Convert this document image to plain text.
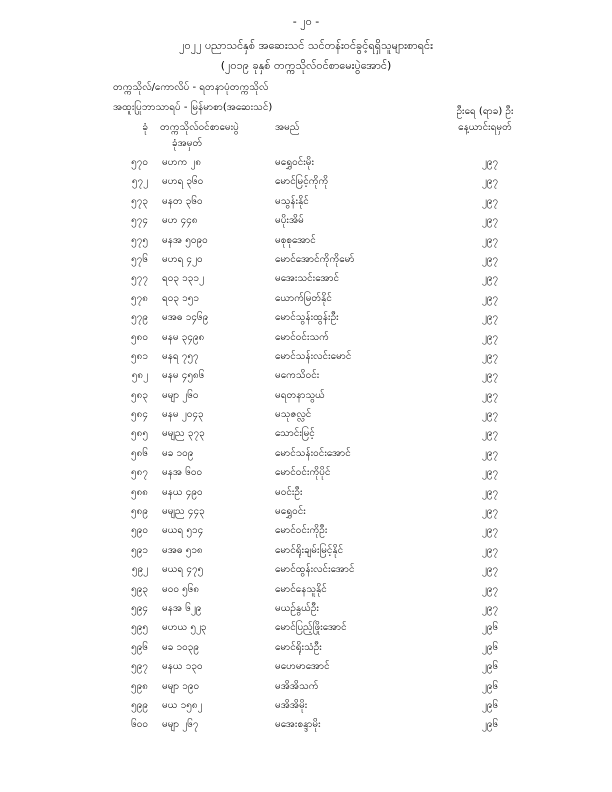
- ၂၀ -
၂၀၂၂ ပညာသင်နှစ် အဆေးသင် သင်တန်းဝင်ခွင့်ရရှိသူများစာရင်း
(၂၀၁၉ ခုနှစ် တက္ကသိုလ်ဝင်စာမေးပွဲအောင်)
တက္ကသိုလ်/ကောလိပ် - ရတနာပုံတက္ကသိုလ်
အထူးပြုဘာသာရပ် - မြန်မာစာ(အဆေးသင်)	ဦးရေ (ရာခ) ဦး
နေ့ယာင်းရမှတ်
ခုံ တက္ကသိုလ်ဝင်စာမေးပွဲ
ခုံအမှတ်
အမည်
၅၇၀ မဟက ၂၈	မရွှေဝင်းမိုး	၂၉၇
၅၇၂ မဟရ ၃၆၀	မောင်မြင့်ကိုကို	၂၉၇
၅၇၃ မနတ ၃၆၀	မသွန်းနိုင်	၂၉၇
၅၇၄ မဟ ၄၄၈	မပိုးအိမ်	၂၉၇
၅၇၅ မနအ ၅၀၉၀	မစုစုအောင်	၂၉၇
၅၇၆ မဟရ ၄၂၀	မောင်အောင်ကိုကိုမော်	၂၉၇
၅၇၇ ရဝ၃ ၁၃၁၂	မအေးသင်းအောင်	၂၉၇
၅၇၈ ရဝ၃ ၁၅၁	ယောက်မြတ်နိုင်	၂၉၇
၅၇၉ မအဓ ၁၄၆၉	မောင်သွန်းထွန်းဦး	၂၉၇
၅၈၀ မနမ ၃၄၉၈	မောင်ဝင်းသက်	၂၉၇
၅၈၁ မနရ ၇၅၇	မောင်သန်းလင်းမောင်	၂၉၇
၅၈၂ မနမ ၄၅၈၆	မကေသိဝင်း	၂၉၇
၅၈၃ မမျာ ၂၆၀	မရတနာသွယ်	၂၉၇
၅၈၄ မနမ ၂၀၄၃	မသုဇလ္လင်	၂၉၇
၅၈၅ မမျည ၃၇၃	သောင်းမြင့်	၂၉၇
၅၈၆ မခ ၁၀၉	မောင်သန်းဝင်းအောင်	၂၉၇
၅၈၇ မနအ ၆၀၀	မောင်ဝင်းကိုပိုင်	၂၉၇
၅၈၈ မနယ ၄၉၀	မဝင်းဦး	၂၉၇
၅၈၉ မမျည ၄၄၃	မရွှေဝင်း	၂၉၇
၅၉၀ မယရ ၅၁၄	မောင်ဝင်းကိုဦး	၂၉၇
၅၉၁ မအဓ ၅၁၈	မောင်ရိုးချမ်းမြင့်နိုင်	၂၉၇
၅၉၂ မယရ ၄၇၅	မောင်ထွန်းလင်းအောင်	၂၉၇
၅၉၃ မဝ၀ ၅၆၈	မောင်နေသူနိုင်	၂၉၇
၅၉၄ မနအ ၆၂၉	မယဉ်နွယ်ဦး	၂၉၇
၅၉၅ မဟယ ၅၂၃	မောင်ပြည့်ဖြိုးအောင်	၂၉၆
၅၉၆ မခ ၁၀၃၉	မောင်ရိုးသံဦး	၂၉၆
၅၉၇ မနယ ၁၃၀	မဟေမာအောင်	၂၉၆
၅၉၈ မမျာ ၁၉၀	မအိအိသက်	၂၉၆
၅၉၉ မယ ၁၅၈၂	မအိအိမိုး	၂၉၆
၆၀၀ မမျာ ၂၆၇	မအေးစန္ဒာမိုး	၂၉၆
